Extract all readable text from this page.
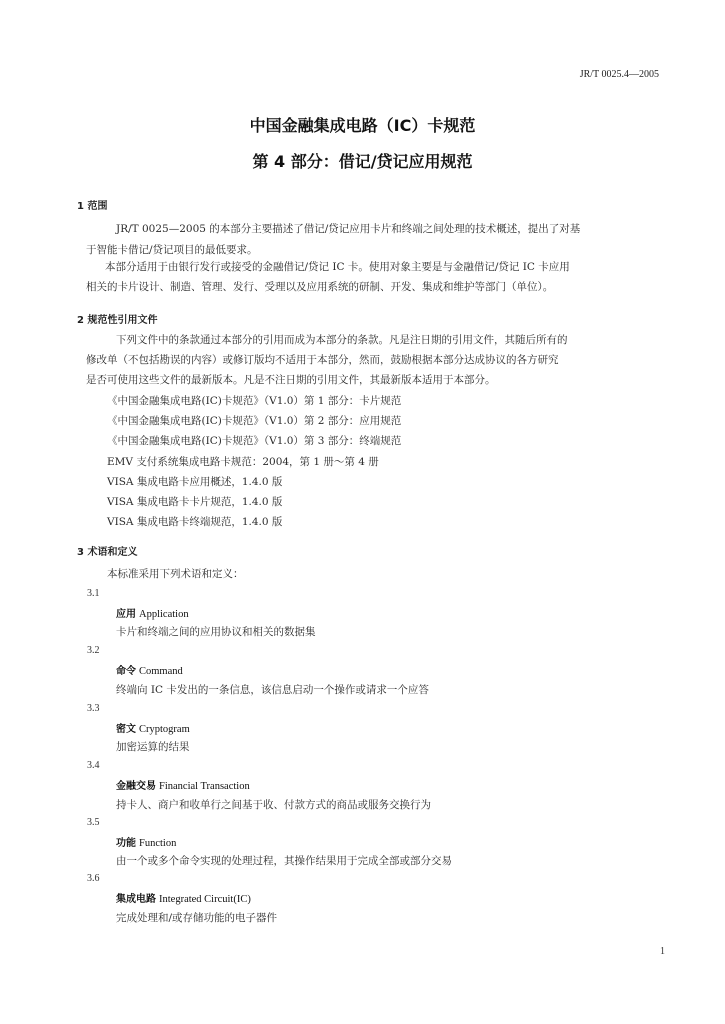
JR/T 0025.4—2005
中国金融集成电路（IC）卡规范
第 4 部分：借记/贷记应用规范
1 范围
JR/T 0025—2005 的本部分主要描述了借记/贷记应用卡片和终端之间处理的技术概述，提出了对基
于智能卡借记/贷记项目的最低要求。
本部分适用于由银行发行或接受的金融借记/贷记 IC 卡。使用对象主要是与金融借记/贷记 IC 卡应用
相关的卡片设计、制造、管理、发行、受理以及应用系统的研制、开发、集成和维护等部门（单位）。
2 规范性引用文件
下列文件中的条款通过本部分的引用而成为本部分的条款。凡是注日期的引用文件，其随后所有的
修改单（不包括勘误的内容）或修订版均不适用于本部分，然而，鼓励根据本部分达成协议的各方研究
是否可使用这些文件的最新版本。凡是不注日期的引用文件，其最新版本适用于本部分。
《中国金融集成电路(IC)卡规范》（V1.0）第 1 部分：卡片规范
《中国金融集成电路(IC)卡规范》（V1.0）第 2 部分：应用规范
《中国金融集成电路(IC)卡规范》（V1.0）第 3 部分：终端规范
EMV 支付系统集成电路卡规范：2004，第 1 册～第 4 册
VISA 集成电路卡应用概述，1.4.0 版
VISA 集成电路卡卡片规范，1.4.0 版
VISA 集成电路卡终端规范，1.4.0 版
3 术语和定义
本标准采用下列术语和定义：
3.1
应用 Application
卡片和终端之间的应用协议和相关的数据集
3.2
命令 Command
终端向 IC 卡发出的一条信息，该信息启动一个操作或请求一个应答
3.3
密文 Cryptogram
加密运算的结果
3.4
金融交易 Financial Transaction
持卡人、商户和收单行之间基于收、付款方式的商品或服务交换行为
3.5
功能 Function
由一个或多个命令实现的处理过程，其操作结果用于完成全部或部分交易
3.6
集成电路 Integrated Circuit(IC)
完成处理和/或存储功能的电子器件
1
